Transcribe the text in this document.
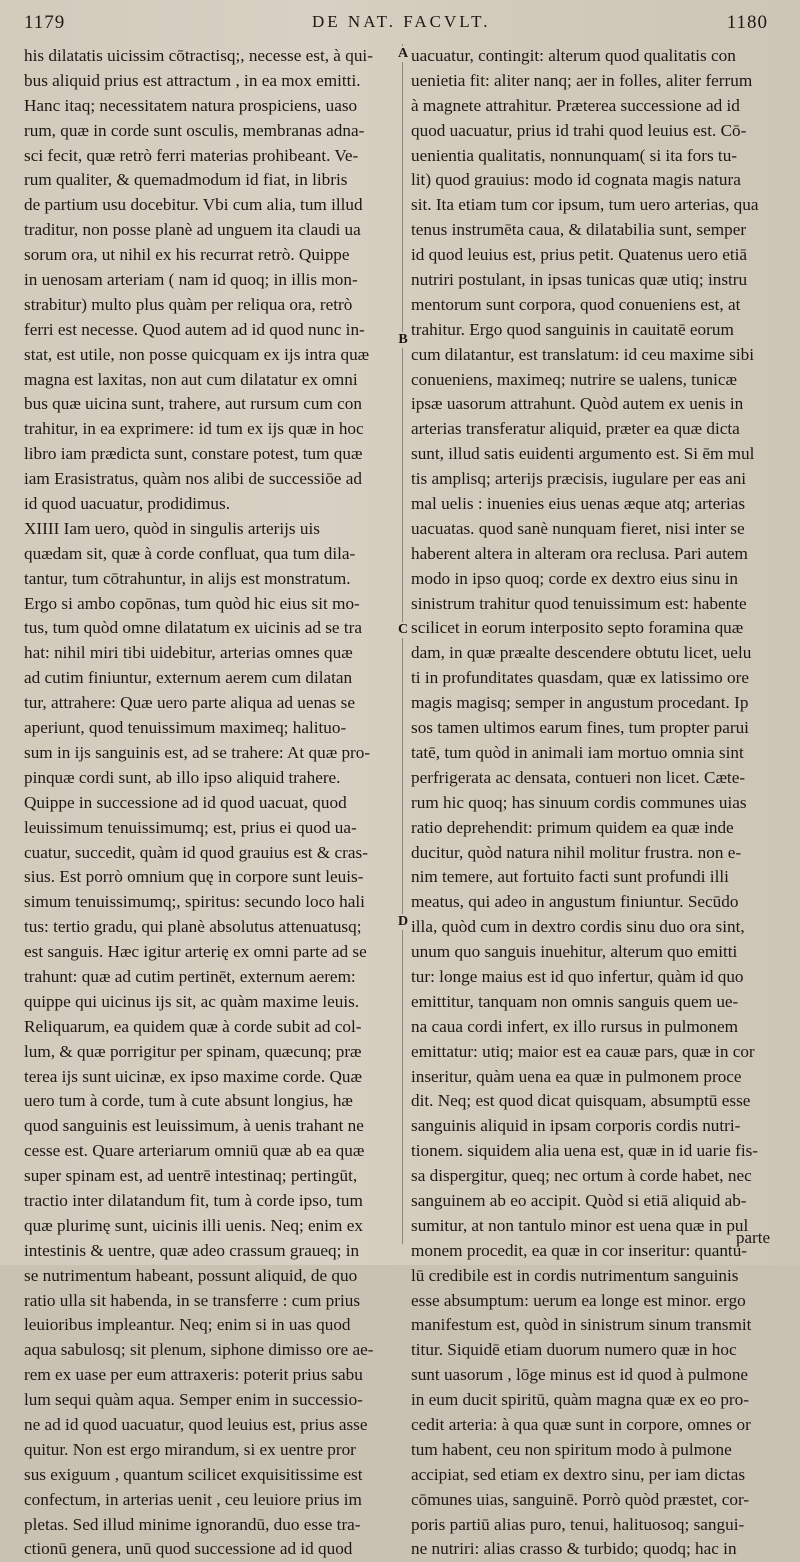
1179	DE NAT. FACVLT.	1180
his dilatatis uicissim cōtractisq;, necesse est, à qui-
bus aliquid prius est attractum , in ea mox emitti.
Hanc itaq; necessitatem natura prospiciens, uaso
rum, quæ in corde sunt osculis, membranas adna-
sci fecit, quæ retrò ferri materias prohibeant. Ve-
rum qualiter, & quemadmodum id fiat, in libris
de partium usu docebitur. Vbi cum alia, tum illud
traditur, non posse planè ad unguem ita claudi ua
sorum ora, ut nihil ex his recurrat retrò. Quippe
in uenosam arteriam ( nam id quoq; in illis mon-
strabitur) multo plus quàm per reliqua ora, retrò
ferri est necesse. Quod autem ad id quod nunc in-
stat, est utile, non posse quicquam ex ijs intra quæ
magna est laxitas, non aut cum dilatatur ex omni
bus quæ uicina sunt, trahere, aut rursum cum con
trahitur, in ea exprimere: id tum ex ijs quæ in hoc
libro iam prædicta sunt, constare potest, tum quæ
iam Erasistratus, quàm nos alibi de successiōe ad
id quod uacuatur, prodidimus.
XIIII Iam uero, quòd in singulis arterijs uis
quædam sit, quæ à corde confluat, qua tum dila-
tantur, tum cōtrahuntur, in alijs est monstratum.
Ergo si ambo copōnas, tum quòd hic eius sit mo-
tus, tum quòd omne dilatatum ex uicinis ad se tra
hat: nihil miri tibi uidebitur, arterias omnes quæ
ad cutim finiuntur, externum aerem cum dilatan
tur, attrahere: Quæ uero parte aliqua ad uenas se
aperiunt, quod tenuissimum maximeq; halituo-
sum in ijs sanguinis est, ad se trahere: At quæ pro-
pinquæ cordi sunt, ab illo ipso aliquid trahere.
Quippe in successione ad id quod uacuat, quod
leuissimum tenuissimumq; est, prius ei quod ua-
cuatur, succedit, quàm id quod grauius est & cras-
sius. Est porrò omnium quę in corpore sunt leuis-
simum tenuissimumq;, spiritus: secundo loco hali
tus: tertio gradu, qui planè absolutus attenuatusq;
est sanguis. Hæc igitur arterię ex omni parte ad se
trahunt: quæ ad cutim pertinēt, externum aerem:
quippe qui uicinus ijs sit, ac quàm maxime leuis.
Reliquarum, ea quidem quæ à corde subit ad col-
lum, & quæ porrigitur per spinam, quæcunq; præ
terea ijs sunt uicinæ, ex ipso maxime corde. Quæ
uero tum à corde, tum à cute absunt longius, hæ
quod sanguinis est leuissimum, à uenis trahant ne
cesse est. Quare arteriarum omniū quæ ab ea quæ
super spinam est, ad uentrē intestinaq; pertingūt,
tractio inter dilatandum fit, tum à corde ipso, tum
quæ plurimę sunt, uicinis illi uenis. Neq; enim ex
intestinis & uentre, quæ adeo crassum graueq; in
se nutrimentum habeant, possunt aliquid, de quo
ratio ulla sit habenda, in se transferre : cum prius
leuioribus impleantur. Neq; enim si in uas quod
aqua sabulosq; sit plenum, siphone dimisso ore ae-
rem ex uase per eum attraxeris: poterit prius sabu
lum sequi quàm aqua. Semper enim in successio-
ne ad id quod uacuatur, quod leuius est, prius asse
quitur. Non est ergo mirandum, si ex uentre pror
sus exiguum , quantum scilicet exquisitissime est
confectum, in arterias uenit , ceu leuiore prius im
pletas. Sed illud minime ignorandū, duo esse tra-
ctionū genera, unū quod successione ad id quod
A
B
C
D
uacuatur, contingit: alterum quod qualitatis con
uenietia fit: aliter nanq; aer in folles, aliter ferrum
à magnete attrahitur. Præterea successione ad id
quod uacuatur, prius id trahi quod leuius est. Cō-
uenientia qualitatis, nonnunquam( si ita fors tu-
lit) quod grauius: modo id cognata magis natura
sit. Ita etiam tum cor ipsum, tum uero arterias, qua
tenus instrumēta caua, & dilatabilia sunt, semper
id quod leuius est, prius petit. Quatenus uero etiā
nutriri postulant, in ipsas tunicas quæ utiq; instru
mentorum sunt corpora, quod conueniens est, at
trahitur. Ergo quod sanguinis in cauitatē eorum
cum dilatantur, est translatum: id ceu maxime sibi
conueniens, maximeq; nutrire se ualens, tunicæ
ipsæ uasorum attrahunt. Quòd autem ex uenis in
arterias transferatur aliquid, præter ea quæ dicta
sunt, illud satis euidenti argumento est. Si ēm mul
tis amplisq; arterijs præcisis, iugulare per eas ani
mal uelis : inuenies eius uenas æque atq; arterias
uacuatas. quod sanè nunquam fieret, nisi inter se
haberent altera in alteram ora reclusa. Pari autem
modo in ipso quoq; corde ex dextro eius sinu in
sinistrum trahitur quod tenuissimum est: habente
scilicet in eorum interposito septo foramina quæ
dam, in quæ præalte descendere obtutu licet, uelu
ti in profunditates quasdam, quæ ex latissimo ore
magis magisq; semper in angustum procedant. Ip
sos tamen ultimos earum fines, tum propter parui
tatē, tum quòd in animali iam mortuo omnia sint
perfrigerata ac densata, contueri non licet. Cæte-
rum hic quoq; has sinuum cordis communes uias
ratio deprehendit: primum quidem ea quæ inde
ducitur, quòd natura nihil molitur frustra. non e-
nim temere, aut fortuito facti sunt profundi illi
meatus, qui adeo in angustum finiuntur. Secūdo
illa, quòd cum in dextro cordis sinu duo ora sint,
unum quo sanguis inuehitur, alterum quo emitti
tur: longe maius est id quo infertur, quàm id quo
emittitur, tanquam non omnis sanguis quem ue-
na caua cordi infert, ex illo rursus in pulmonem
emittatur: utiq; maior est ea cauæ pars, quæ in cor
inseritur, quàm uena ea quæ in pulmonem proce
dit. Neq; est quod dicat quisquam, absumptū esse
sanguinis aliquid in ipsam corporis cordis nutri-
tionem. siquidem alia uena est, quæ in id uarie fis-
sa dispergitur, queq; nec ortum à corde habet, nec
sanguinem ab eo accipit. Quòd si etiā aliquid ab-
sumitur, at non tantulo minor est uena quæ in pul
monem procedit, ea quæ in cor inseritur: quantu-
lū credibile est in cordis nutrimentum sanguinis
esse absumptum: uerum ea longe est minor. ergo
manifestum est, quòd in sinistrum sinum transmit
titur. Siquidē etiam duorum numero quæ in hoc
sunt uasorum , lōge minus est id quod à pulmone
in eum ducit spiritū, quàm magna quæ ex eo pro-
cedit arteria: à qua quæ sunt in corpore, omnes or
tum habent, ceu non spiritum modo à pulmone
accipiat, sed etiam ex dextro sinu, per iam dictas
cōmunes uias, sanguinē. Porrò quòd præstet, cor-
poris partiū alias puro, tenui, halituosoq; sangui-
ne nutriri: alias crasso & turbido; quodq; hac in
parte
